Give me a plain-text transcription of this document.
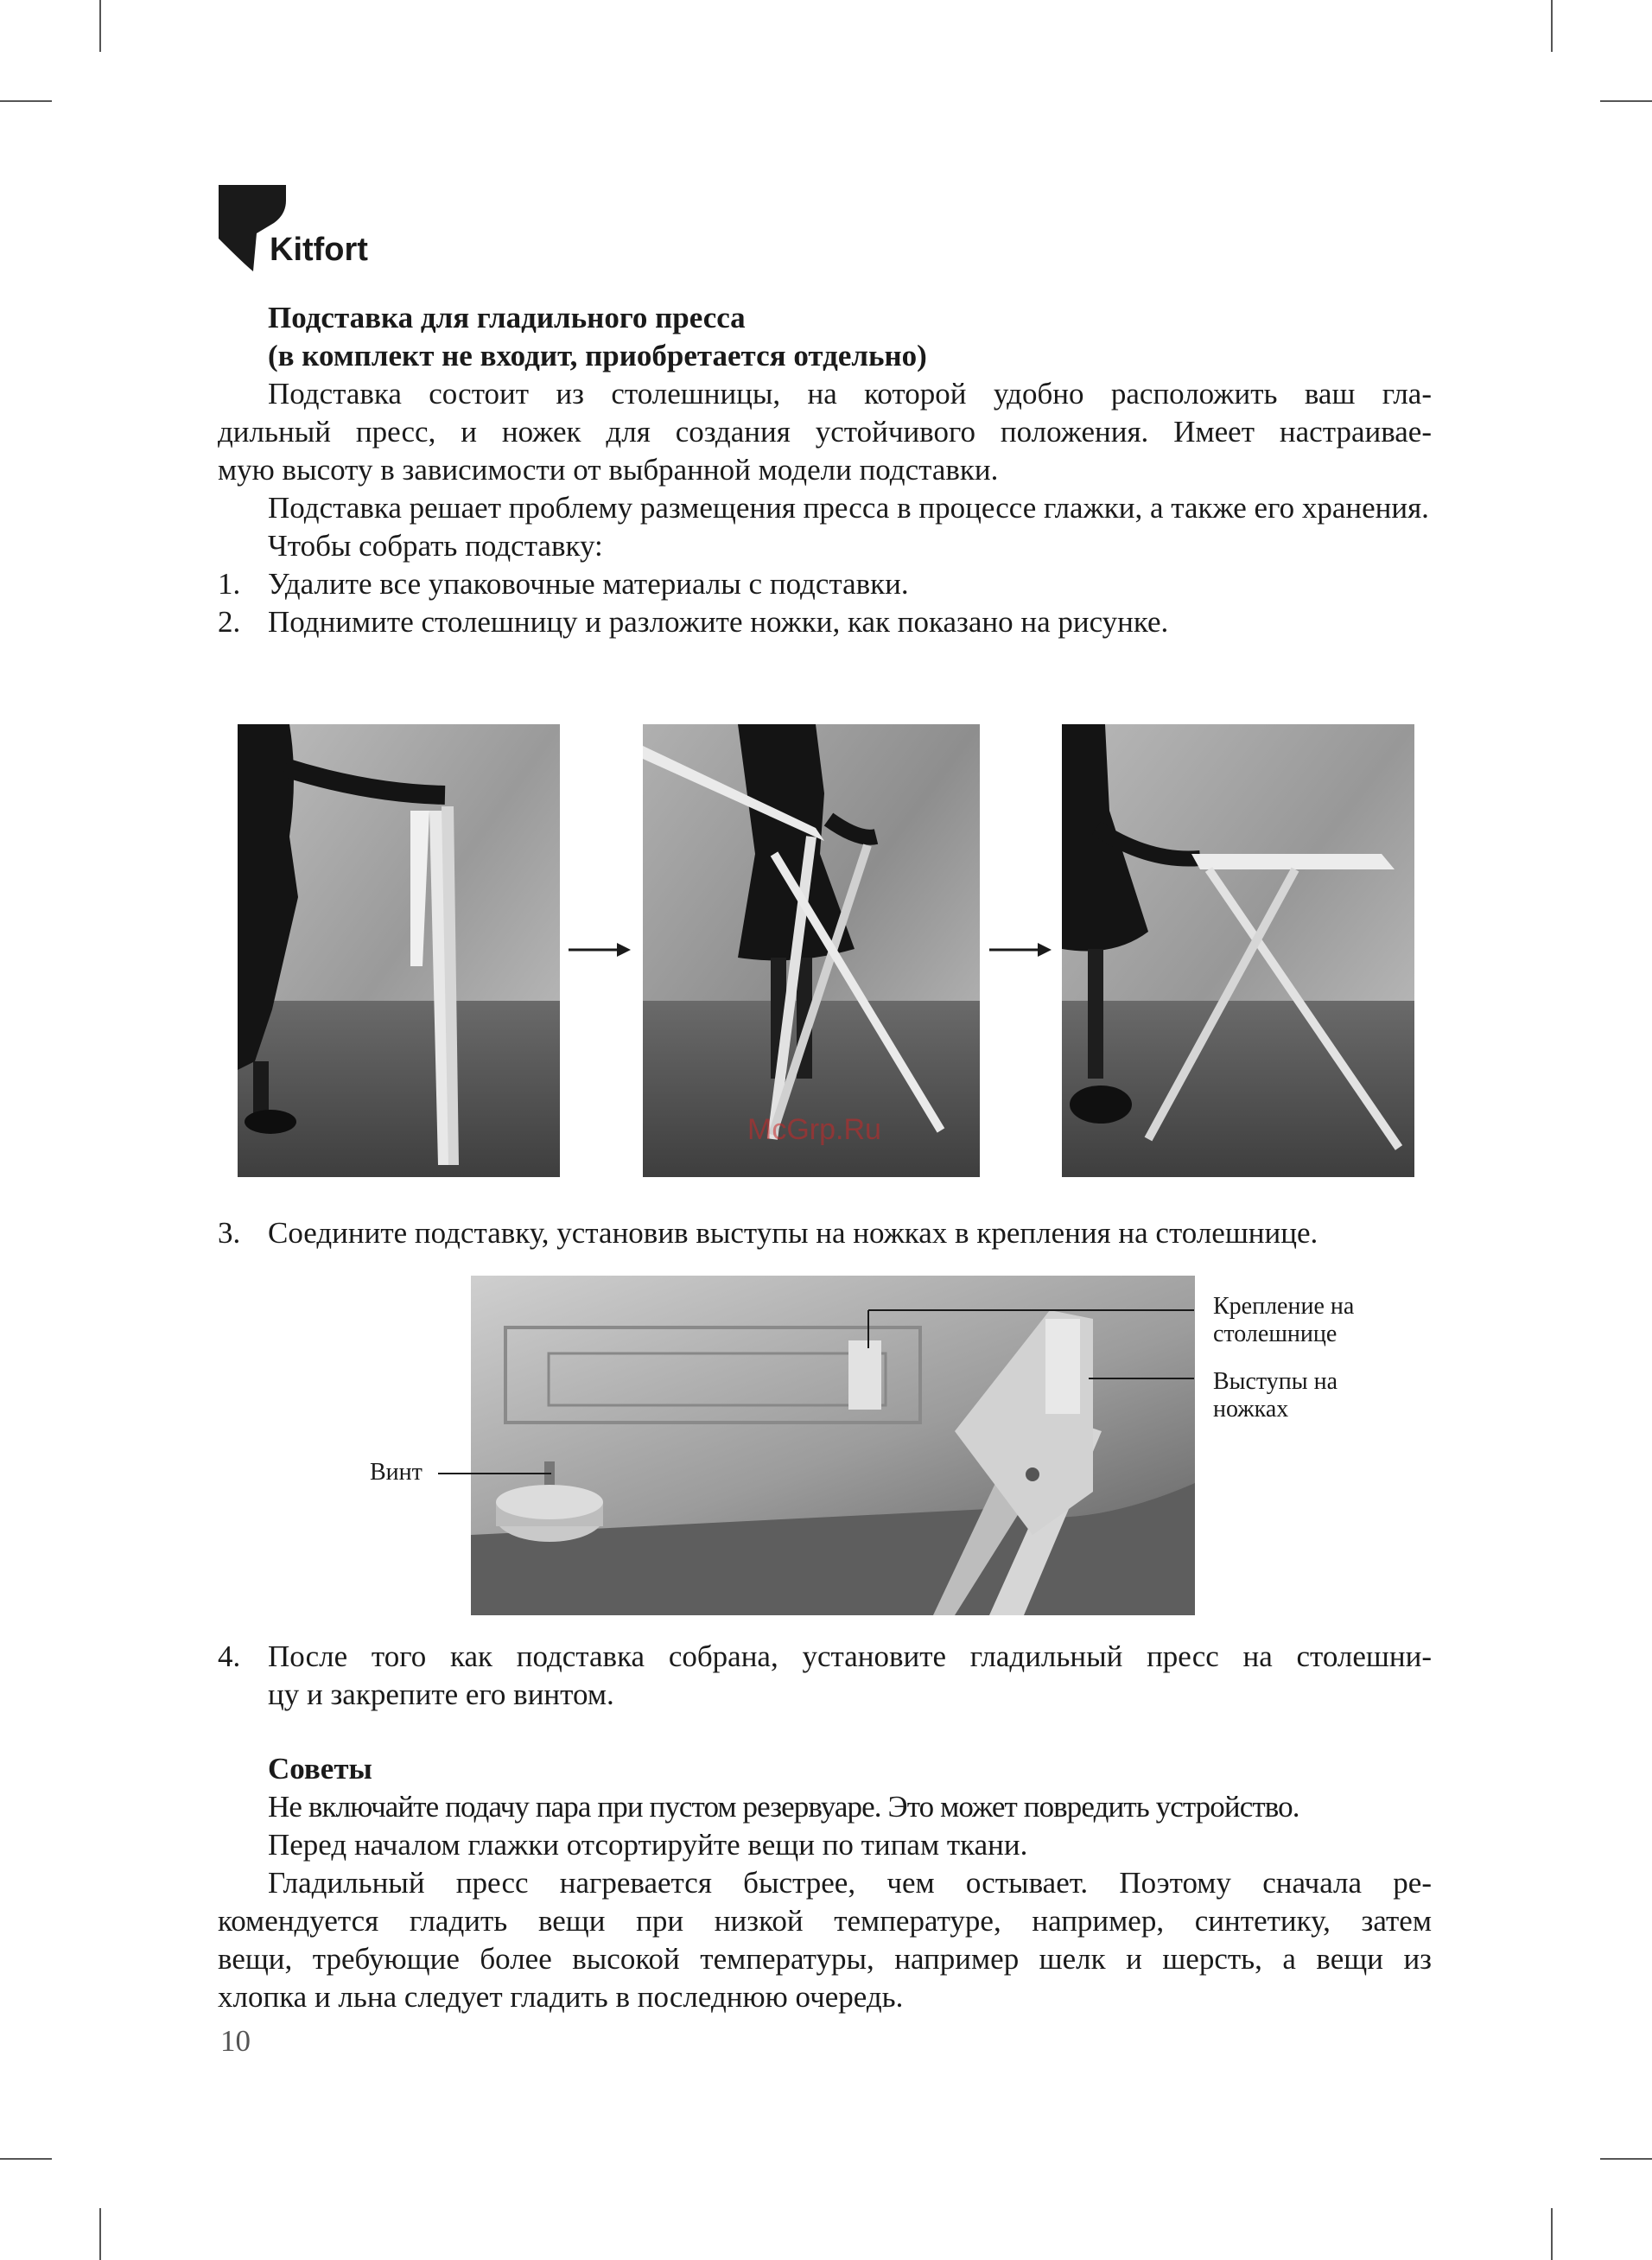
Kitfort

Подставка для гладильного пресса

(в комплект не входит, приобретается отдельно)

Подставка состоит из столешницы, на которой удобно расположить ваш гла-

дильный пресс, и ножек для создания устойчивого положения. Имеет настраивае-

мую высоту в зависимости от выбранной модели подставки.

Подставка решает проблему размещения пресса в процессе глажки, а также его хранения.

Чтобы собрать подставку:

1. Удалите все упаковочные материалы с подставки.
2. Поднимите столешницу и разложите ножки, как показано на рисунке.
McGrp.Ru
3. Соедините подставку, установив выступы на ножках в крепления на столешнице.
Крепление на
столешнице
Выступы на
ножках
Винт
4. После того как подставка собрана, установите гладильный пресс на столешни-
цу и закрепите его винтом.

Советы

Не включайте подачу пара при пустом резервуаре. Это может повредить устройство.

Перед началом глажки отсортируйте вещи по типам ткани.

Гладильный пресс нагревается быстрее, чем остывает. Поэтому сначала ре-

комендуется гладить вещи при низкой температуре, например, синтетику, затем

вещи, требующие более высокой температуры, например шелк и шерсть, а вещи из

хлопка и льна следует гладить в последнюю очередь.

10
